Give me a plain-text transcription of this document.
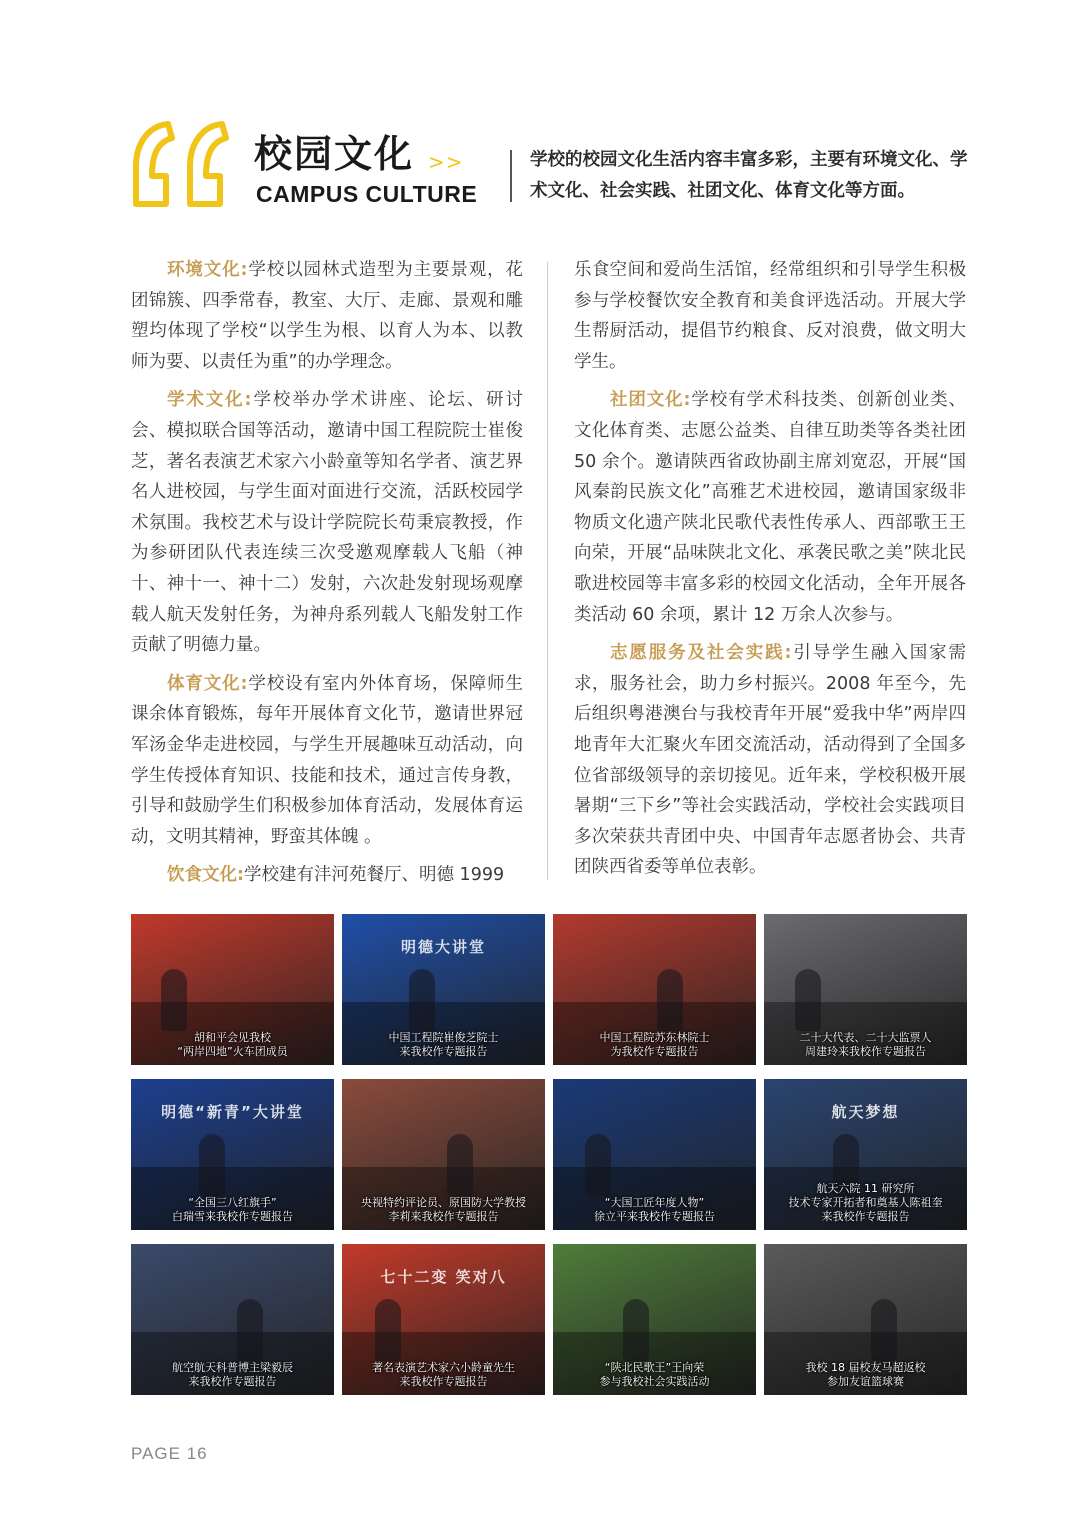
校园文化 >>
CAMPUS CULTURE
学校的校园文化生活内容丰富多彩，主要有环境文化、学术文化、社会实践、社团文化、体育文化等方面。

环境文化:学校以园林式造型为主要景观，花团锦簇、四季常春，教室、大厅、走廊、景观和雕塑均体现了学校“以学生为根、以育人为本、以教师为要、以责任为重”的办学理念。

学术文化:学校举办学术讲座、论坛、研讨会、模拟联合国等活动，邀请中国工程院院士崔俊芝，著名表演艺术家六小龄童等知名学者、演艺界名人进校园，与学生面对面进行交流，活跃校园学术氛围。我校艺术与设计学院院长苟秉宸教授，作为参研团队代表连续三次受邀观摩载人飞船（神十、神十一、神十二）发射，六次赴发射现场观摩载人航天发射任务，为神舟系列载人飞船发射工作贡献了明德力量。

体育文化:学校设有室内外体育场，保障师生课余体育锻炼，每年开展体育文化节，邀请世界冠军汤金华走进校园，与学生开展趣味互动活动，向学生传授体育知识、技能和技术，通过言传身教，引导和鼓励学生们积极参加体育活动，发展体育运动，文明其精神，野蛮其体魄 。

饮食文化:学校建有沣河苑餐厅、明德 1999

乐食空间和爱尚生活馆，经常组织和引导学生积极参与学校餐饮安全教育和美食评选活动。开展大学生帮厨活动，提倡节约粮食、反对浪费，做文明大学生。

社团文化:学校有学术科技类、创新创业类、文化体育类、志愿公益类、自律互助类等各类社团 50 余个。邀请陕西省政协副主席刘宽忍，开展“国风秦韵民族文化”高雅艺术进校园，邀请国家级非物质文化遗产陕北民歌代表性传承人、西部歌王王向荣，开展“品味陕北文化、承袭民歌之美”陕北民歌进校园等丰富多彩的校园文化活动，全年开展各类活动 60 余项，累计 12 万余人次参与。

志愿服务及社会实践:引导学生融入国家需求，服务社会，助力乡村振兴。2008 年至今，先后组织粤港澳台与我校青年开展“爱我中华”两岸四地青年大汇聚火车团交流活动，活动得到了全国多位省部级领导的亲切接见。近年来，学校积极开展暑期“三下乡”等社会实践活动，学校社会实践项目多次荣获共青团中央、中国青年志愿者协会、共青团陕西省委等单位表彰。

胡和平会见我校
“两岸四地”火车团成员
明德大讲堂
中国工程院崔俊芝院士
来我校作专题报告
中国工程院苏东林院士
为我校作专题报告
二十大代表、二十大监票人
周建玲来我校作专题报告
明德“新青”大讲堂
“全国三八红旗手”
白瑞雪来我校作专题报告
央视特约评论员、原国防大学教授
李莉来我校作专题报告
“大国工匠年度人物”
徐立平来我校作专题报告
航天梦想
航天六院 11 研究所
技术专家开拓者和奠基人陈祖奎
来我校作专题报告
航空航天科普博主梁毅辰
来我校作专题报告
七十二变 笑对八
著名表演艺术家六小龄童先生
来我校作专题报告
“陕北民歌王”王向荣
参与我校社会实践活动
我校 18 届校友马超返校
参加友谊篮球赛
PAGE 16
